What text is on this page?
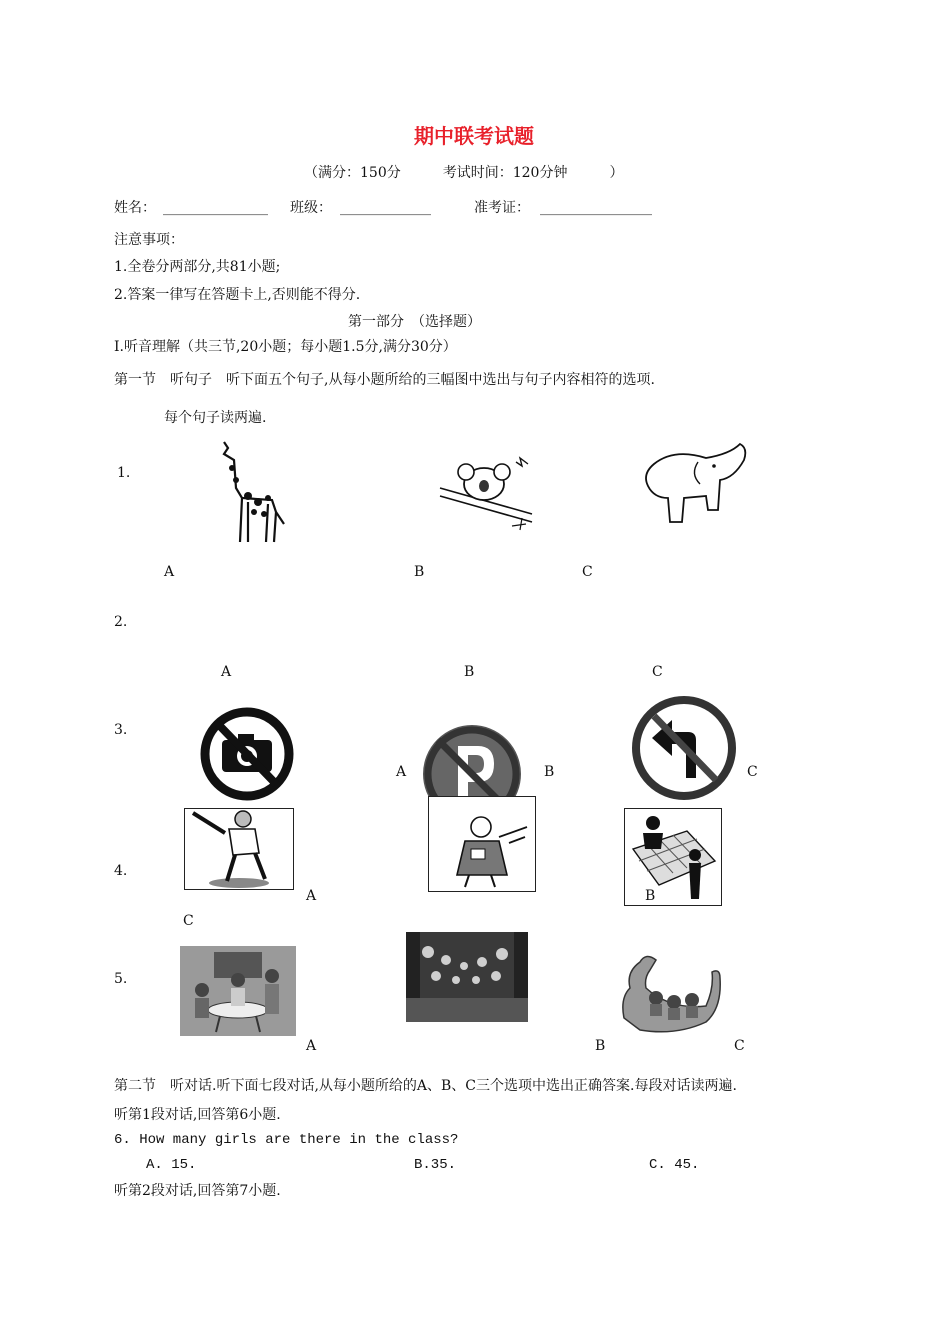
期中联考试题
（满分：150分　　　考试时间：120分钟　　　）
姓名： _______________ 班级： _____________	准考证： ________________
注意事项：
1.全卷分两部分,共81小题;
2.答案一律写在答题卡上,否则能不得分.
第一部分　（选择题）
Ⅰ.听音理解（共三节,20小题；每小题1.5分,满分30分）
第一节　听句子　听下面五个句子,从每小题所给的三幅图中选出与句子内容相符的选项.
每个句子读两遍.
1.
A	B	C
2.
A	B	C
3.
A	B	C
4.
A
C
B
5.
A	B	C
第二节　听对话.听下面七段对话,从每小题所给的A、B、C三个选项中选出正确答案.每段对话读两遍.
听第1段对话,回答第6小题.
6. How many girls are there in the class?
A. 15.	B.35.	C. 45.
听第2段对话,回答第7小题.
